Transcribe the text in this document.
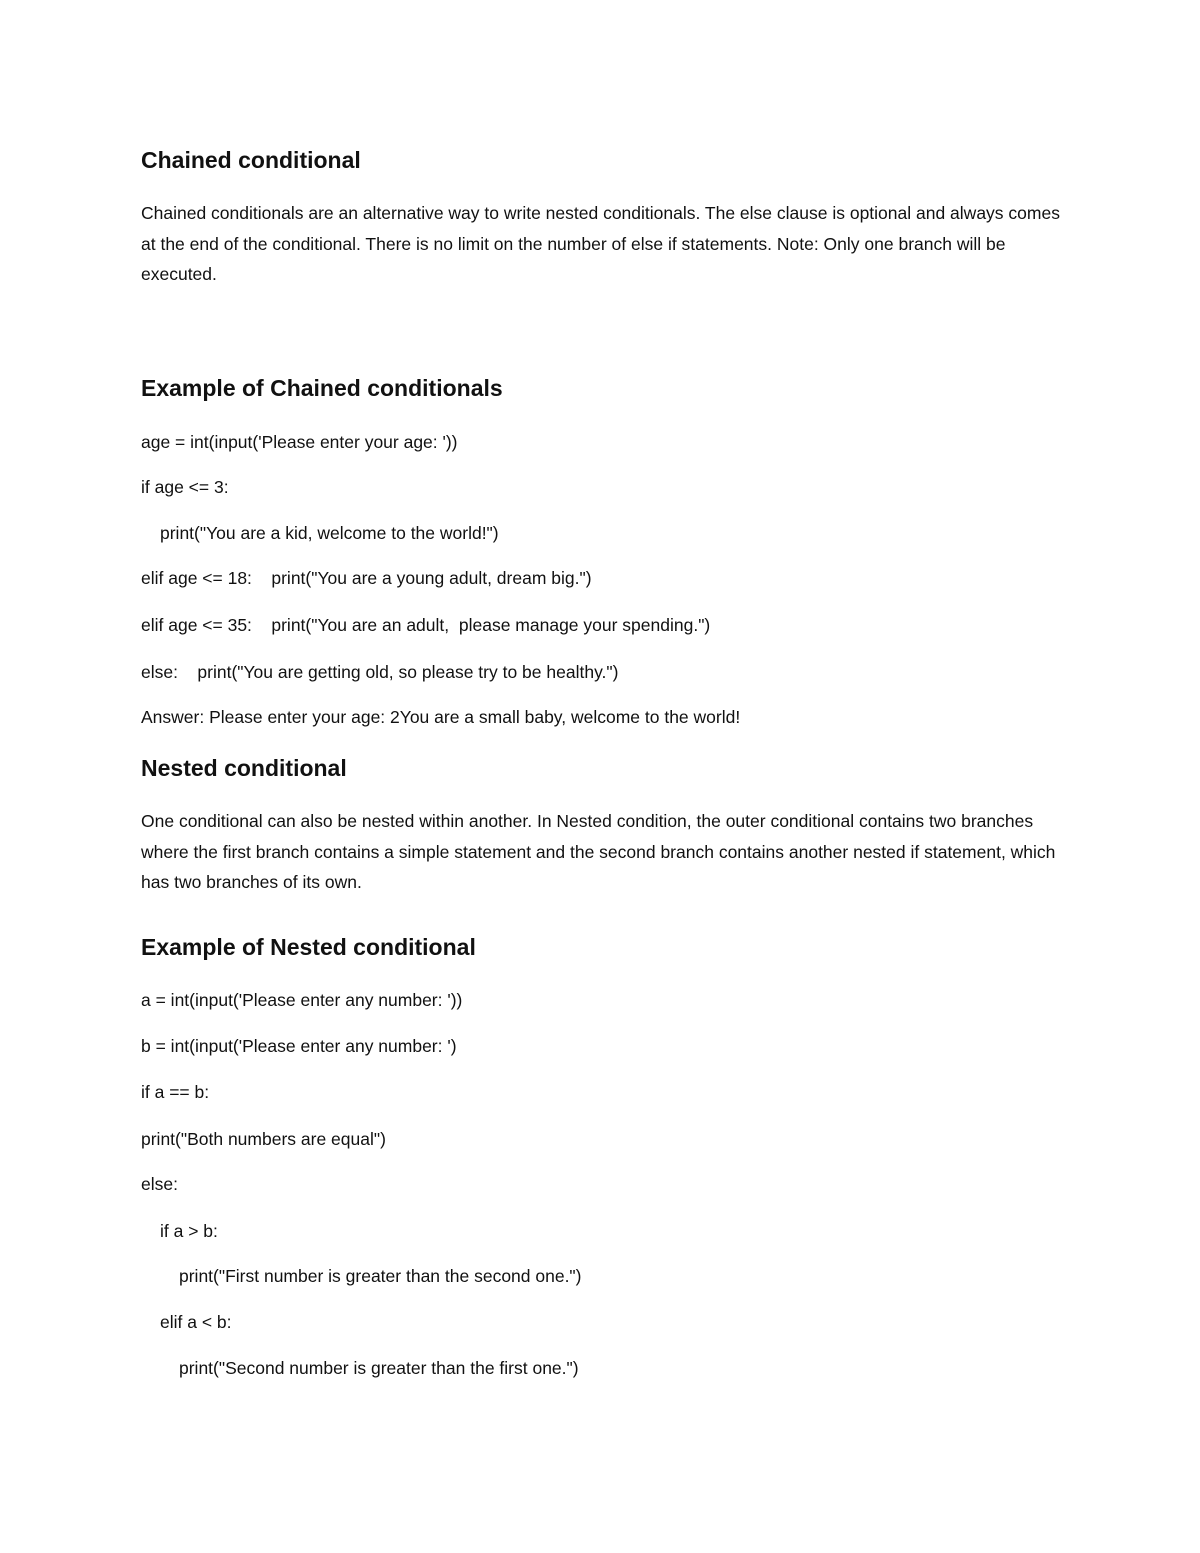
Chained conditional

Chained conditionals are an alternative way to write nested conditionals. The else clause is optional and always comes at the end of the conditional. There is no limit on the number of else if statements. Note: Only one branch will be executed.

Example of Chained conditionals
age = int(input('Please enter your age: '))
if age <= 3:
print("You are a kid, welcome to the world!")
elif age <= 18:    print("You are a young adult, dream big.")
elif age <= 35:    print("You are an adult,  please manage your spending.")
else:    print("You are getting old, so please try to be healthy.")
Answer: Please enter your age: 2You are a small baby, welcome to the world!
Nested conditional

One conditional can also be nested within another. In Nested condition, the outer conditional contains two branches where the first branch contains a simple statement and the second branch contains another nested if statement, which has two branches of its own.

Example of Nested conditional
a = int(input('Please enter any number: '))
b = int(input('Please enter any number: ')
if a == b:
print("Both numbers are equal")
else:
if a > b:
print("First number is greater than the second one.")
elif a < b:
print("Second number is greater than the first one.")
